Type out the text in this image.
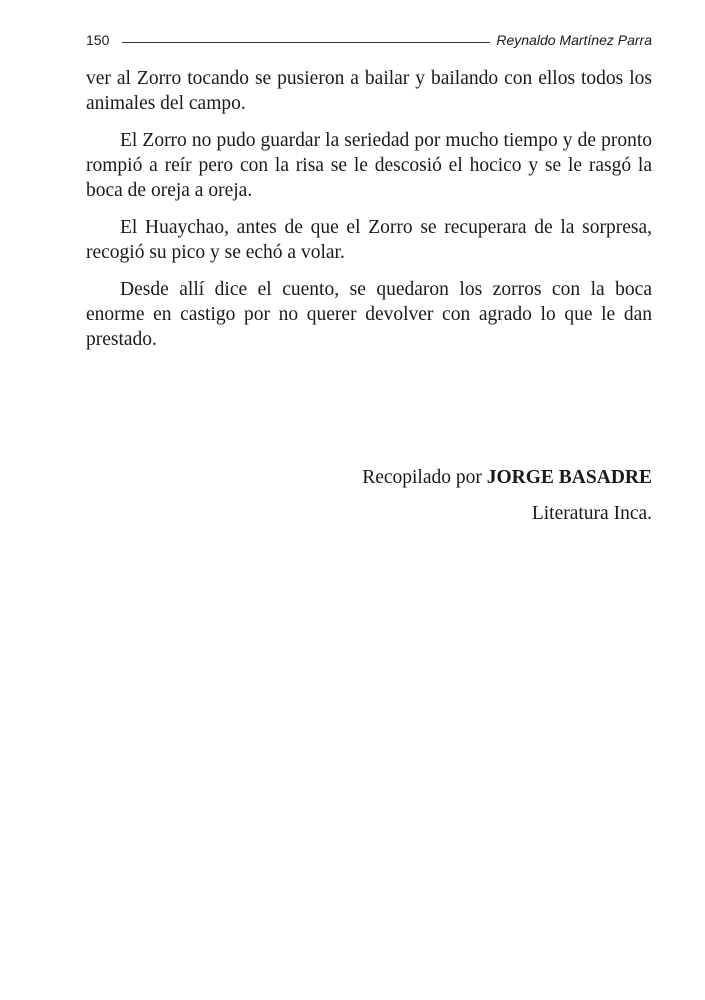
150	Reynaldo Martínez Parra

ver al Zorro tocando se pusieron a bailar y bailando con ellos todos los animales del campo.

El Zorro no pudo guardar la seriedad por mucho tiempo y de pronto rompió a reír pero con la risa se le descosió el hocico y se le rasgó la boca de oreja a oreja.

El Huaychao, antes de que el Zorro se recuperara de la sorpresa, recogió su pico y se echó a volar.

Desde allí dice el cuento, se quedaron los zorros con la boca enorme en castigo por no querer devolver con agrado lo que le dan prestado.

Recopilado por JORGE BASADRE
Literatura Inca.
